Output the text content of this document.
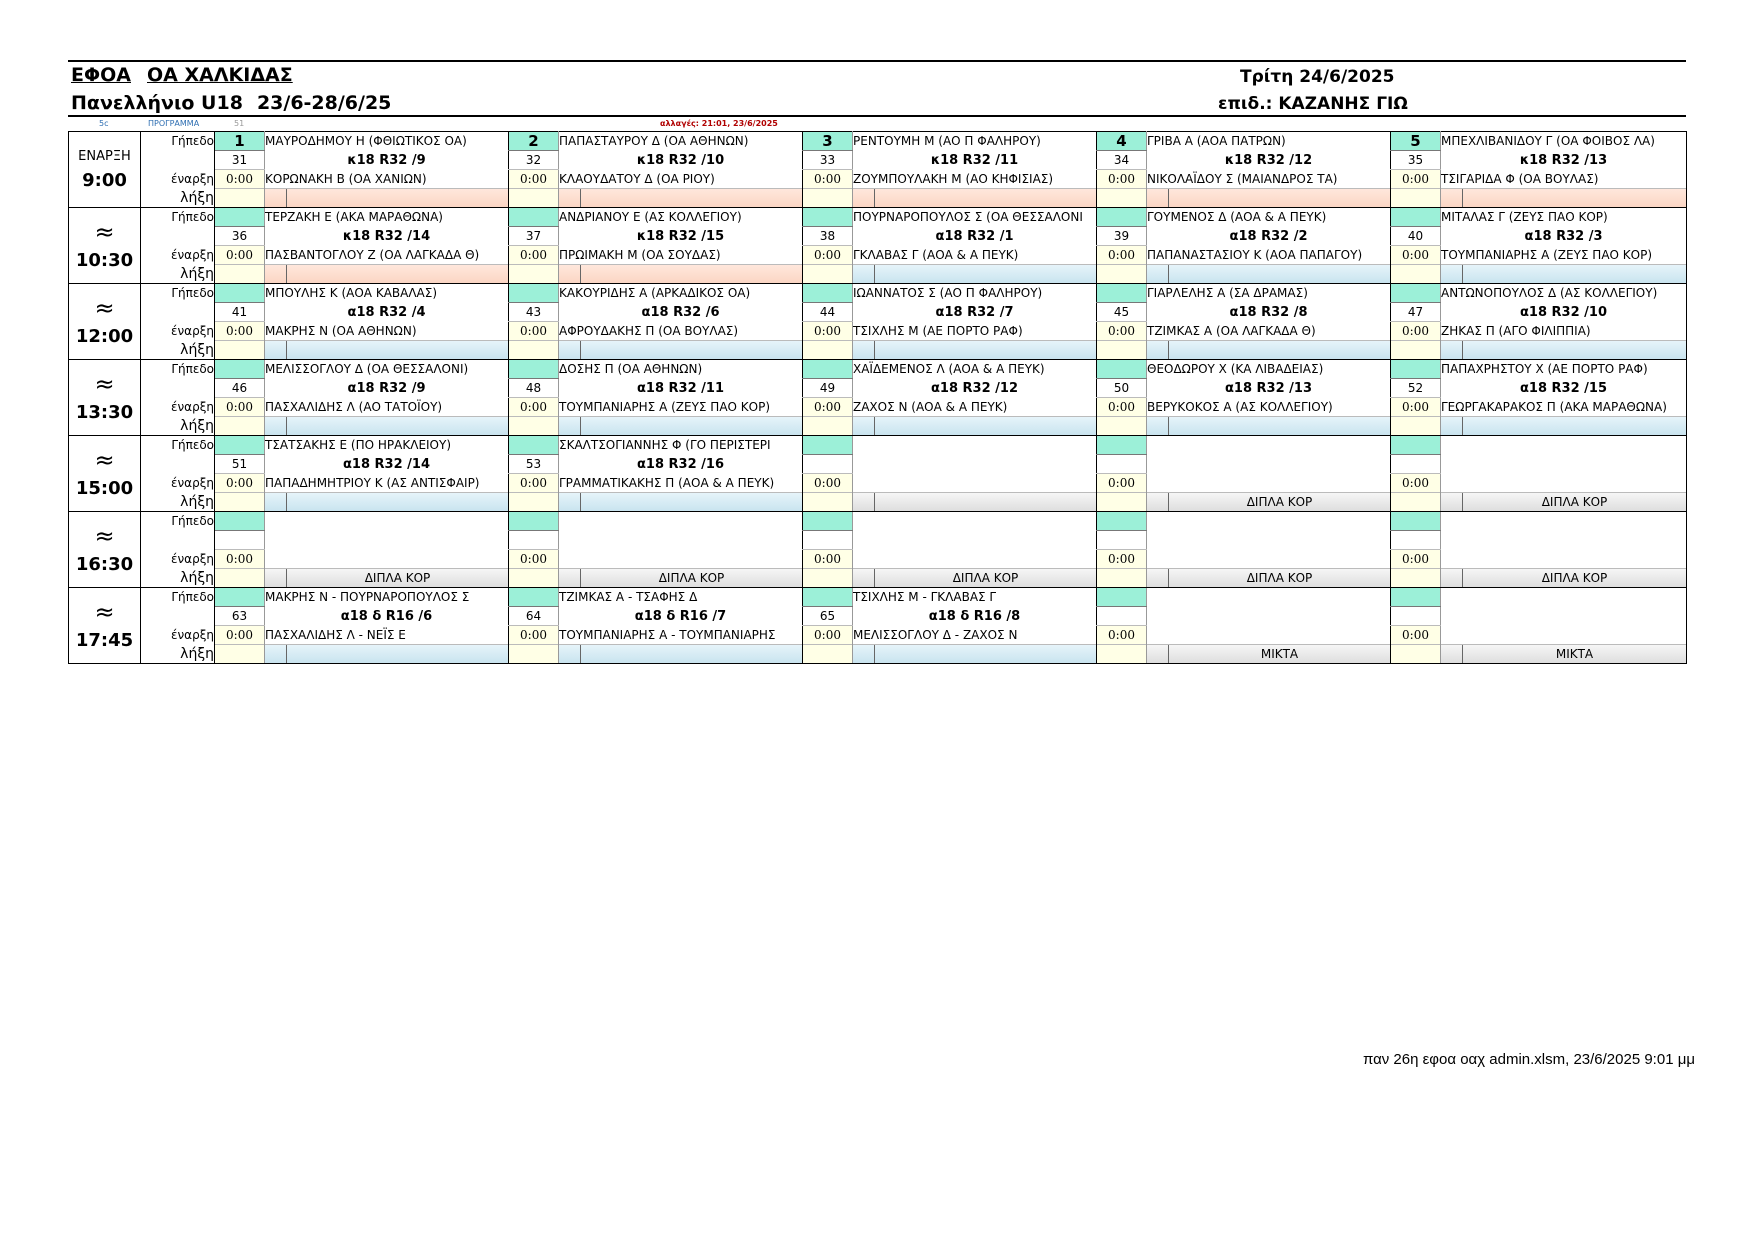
ΕΦΟΑ ΟΑ ΧΑΛΚΙΔΑΣ
Πανελλήνιο U18 23/6-28/6/25
Τρίτη 24/6/2025
επιδ.: ΚΑΖΑΝΗΣ ΓΙΩ
5c	ΠΡΟΓΡΑΜΜΑ	51	αλλαγές: 21:01, 23/6/2025
ΕΝΑΡΞΗ
9:00	Γήπεδο	1	ΜΑΥΡΟΔΗΜΟΥ Η (ΦΘΙΩΤΙΚΟΣ ΟΑ)	2	ΠΑΠΑΣΤΑΥΡΟΥ Δ (ΟΑ ΑΘΗΝΩΝ)	3	ΡΕΝΤΟΥΜΗ Μ (ΑΟ Π ΦΑΛΗΡΟΥ)	4	ΓΡΙΒΑ Α (ΑΟΑ ΠΑΤΡΩΝ)	5	ΜΠΕΧΛΙΒΑΝΙΔΟΥ Γ (ΟΑ ΦΟΙΒΟΣ ΛΑ)
		31	κ18 R32 /9	32	κ18 R32 /10	33	κ18 R32 /11	34	κ18 R32 /12	35	κ18 R32 /13
	έναρξη	0:00	ΚΟΡΩΝΑΚΗ Β (ΟΑ ΧΑΝΙΩΝ)	0:00	ΚΛΑΟΥΔΑΤΟΥ Δ (ΟΑ ΡΙΟΥ)	0:00	ΖΟΥΜΠΟΥΛΑΚΗ Μ (ΑΟ ΚΗΦΙΣΙΑΣ)	0:00	ΝΙΚΟΛΑΪΔΟΥ Σ (ΜΑΙΑΝΔΡΟΣ ΤΑ)	0:00	ΤΣΙΓΑΡΙΔΑ Φ (ΟΑ ΒΟΥΛΑΣ)
	λήξη		

≈
10:30	Γήπεδο		ΤΕΡΖΑΚΗ Ε (ΑΚΑ ΜΑΡΑΘΩΝΑ)		ΑΝΔΡΙΑΝΟΥ Ε (ΑΣ ΚΟΛΛΕΓΙΟΥ)		ΠΟΥΡΝΑΡΟΠΟΥΛΟΣ Σ (ΟΑ ΘΕΣΣΑΛΟΝΙ		ΓΟΥΜΕΝΟΣ Δ (ΑΟΑ & Α ΠΕΥΚ)		ΜΙΤΑΛΑΣ Γ (ΖΕΥΣ ΠΑΟ ΚΟΡ)
		36	κ18 R32 /14	37	κ18 R32 /15	38	α18 R32 /1	39	α18 R32 /2	40	α18 R32 /3
	έναρξη	0:00	ΠΑΣΒΑΝΤΟΓΛΟΥ Ζ (ΟΑ ΛΑΓΚΑΔΑ Θ)	0:00	ΠΡΩΙΜΑΚΗ Μ (ΟΑ ΣΟΥΔΑΣ)	0:00	ΓΚΛΑΒΑΣ Γ (ΑΟΑ & Α ΠΕΥΚ)	0:00	ΠΑΠΑΝΑΣΤΑΣΙΟΥ Κ (ΑΟΑ ΠΑΠΑΓΟΥ)	0:00	ΤΟΥΜΠΑΝΙΑΡΗΣ Α (ΖΕΥΣ ΠΑΟ ΚΟΡ)
	λήξη		

≈
12:00	Γήπεδο		ΜΠΟΥΛΗΣ Κ (ΑΟΑ ΚΑΒΑΛΑΣ)		ΚΑΚΟΥΡΙΔΗΣ Α (ΑΡΚΑΔΙΚΟΣ ΟΑ)		ΙΩΑΝΝΑΤΟΣ Σ (ΑΟ Π ΦΑΛΗΡΟΥ)		ΓΙΑΡΛΕΛΗΣ Α (ΣΑ ΔΡΑΜΑΣ)		ΑΝΤΩΝΟΠΟΥΛΟΣ Δ (ΑΣ ΚΟΛΛΕΓΙΟΥ)
		41	α18 R32 /4	43	α18 R32 /6	44	α18 R32 /7	45	α18 R32 /8	47	α18 R32 /10
	έναρξη	0:00	ΜΑΚΡΗΣ Ν (ΟΑ ΑΘΗΝΩΝ)	0:00	ΑΦΡΟΥΔΑΚΗΣ Π (ΟΑ ΒΟΥΛΑΣ)	0:00	ΤΣΙΧΛΗΣ Μ (ΑΕ ΠΟΡΤΟ ΡΑΦ)	0:00	ΤΖΙΜΚΑΣ Α (ΟΑ ΛΑΓΚΑΔΑ Θ)	0:00	ΖΗΚΑΣ Π (ΑΓΟ ΦΙΛΙΠΠΙΑ)
	λήξη		

≈
13:30	Γήπεδο		ΜΕΛΙΣΣΟΓΛΟΥ Δ (ΟΑ ΘΕΣΣΑΛΟΝΙ)		ΔΟΣΗΣ Π (ΟΑ ΑΘΗΝΩΝ)		ΧΑΪΔΕΜΕΝΟΣ Λ (ΑΟΑ & Α ΠΕΥΚ)		ΘΕΟΔΩΡΟΥ Χ (ΚΑ ΛΙΒΑΔΕΙΑΣ)		ΠΑΠΑΧΡΗΣΤΟΥ Χ (ΑΕ ΠΟΡΤΟ ΡΑΦ)
		46	α18 R32 /9	48	α18 R32 /11	49	α18 R32 /12	50	α18 R32 /13	52	α18 R32 /15
	έναρξη	0:00	ΠΑΣΧΑΛΙΔΗΣ Λ (ΑΟ ΤΑΤΟΪΟΥ)	0:00	ΤΟΥΜΠΑΝΙΑΡΗΣ Α (ΖΕΥΣ ΠΑΟ ΚΟΡ)	0:00	ΖΑΧΟΣ Ν (ΑΟΑ & Α ΠΕΥΚ)	0:00	ΒΕΡΥΚΟΚΟΣ Α (ΑΣ ΚΟΛΛΕΓΙΟΥ)	0:00	ΓΕΩΡΓΑΚΑΡΑΚΟΣ Π (ΑΚΑ ΜΑΡΑΘΩΝΑ)
	λήξη		

≈
15:00	Γήπεδο		ΤΣΑΤΣΑΚΗΣ Ε (ΠΟ ΗΡΑΚΛΕΙΟΥ)		ΣΚΑΛΤΣΟΓΙΑΝΝΗΣ Φ (ΓΟ ΠΕΡΙΣΤΕΡΙ						
		51	α18 R32 /14	53	α18 R32 /16						
	έναρξη	0:00	ΠΑΠΑΔΗΜΗΤΡΙΟΥ Κ (ΑΣ ΑΝΤΙΣΦΑΙΡ)	0:00	ΓΡΑΜΜΑΤΙΚΑΚΗΣ Π (ΑΟΑ & Α ΠΕΥΚ)	0:00		0:00		0:00	
	λήξη								ΔΙΠΛΑ ΚΟΡ		ΔΙΠΛΑ ΚΟΡ

≈
16:30	Γήπεδο										

	έναρξη	0:00		0:00		0:00		0:00		0:00	
	λήξη		ΔΙΠΛΑ ΚΟΡ		ΔΙΠΛΑ ΚΟΡ		ΔΙΠΛΑ ΚΟΡ		ΔΙΠΛΑ ΚΟΡ		ΔΙΠΛΑ ΚΟΡ

≈
17:45	Γήπεδο		ΜΑΚΡΗΣ Ν - ΠΟΥΡΝΑΡΟΠΟΥΛΟΣ Σ		ΤΖΙΜΚΑΣ Α - ΤΣΑΦΗΣ Δ		ΤΣΙΧΛΗΣ Μ - ΓΚΛΑΒΑΣ Γ				
		63	α18 δ R16 /6	64	α18 δ R16 /7	65	α18 δ R16 /8				
	έναρξη	0:00	ΠΑΣΧΑΛΙΔΗΣ Λ - ΝΕΪΣ Ε	0:00	ΤΟΥΜΠΑΝΙΑΡΗΣ Α - ΤΟΥΜΠΑΝΙΑΡΗΣ	0:00	ΜΕΛΙΣΣΟΓΛΟΥ Δ - ΖΑΧΟΣ Ν	0:00		0:00	
	λήξη								ΜΙΚΤΑ		ΜΙΚΤΑ
παν 26η εφοα οαχ admin.xlsm, 23/6/2025 9:01 μμ
